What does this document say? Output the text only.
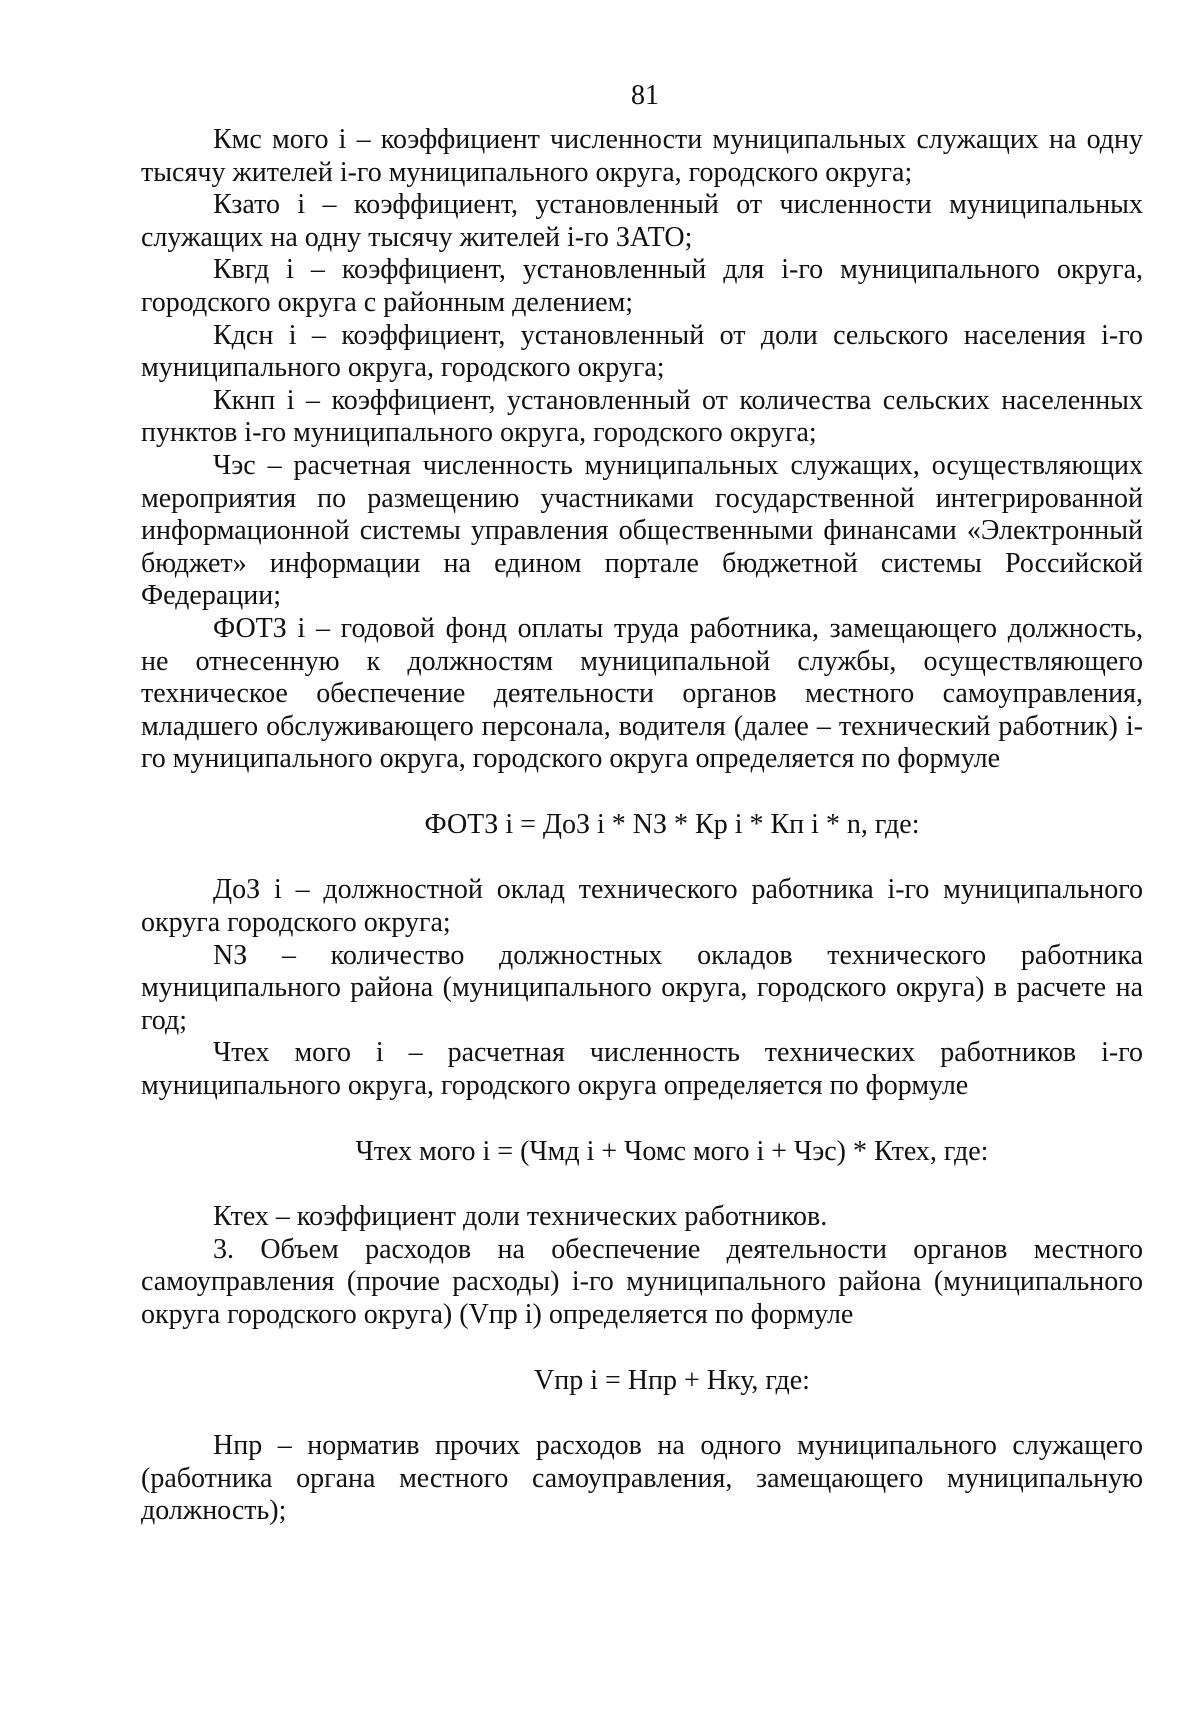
81

Кмс мого i – коэффициент численности муниципальных служащих на одну тысячу жителей i-го муниципального округа, городского округа;

Кзато i – коэффициент, установленный от численности муниципальных служащих на одну тысячу жителей i-го ЗАТО;

Квгд i – коэффициент, установленный для i-го муниципального округа, городского округа с районным делением;

Кдсн i – коэффициент, установленный от доли сельского населения i-го муниципального округа, городского округа;

Ккнп i – коэффициент, установленный от количества сельских населенных пунктов i-го муниципального округа, городского округа;

Чэс – расчетная численность муниципальных служащих, осуществляющих мероприятия по размещению участниками государственной интегрированной информационной системы управления общественными финансами «Электронный бюджет» информации на едином портале бюджетной системы Российской Федерации;

ФОТЗ i – годовой фонд оплаты труда работника, замещающего должность, не отнесенную к должностям муниципальной службы, осуществляющего техническое обеспечение деятельности органов местного самоуправления, младшего обслуживающего персонала, водителя (далее – технический работник) i-го муниципального округа, городского округа определяется по формуле

ФОТЗ i = ДоЗ i * NЗ * Кр i * Кп i * n, где:

ДоЗ i – должностной оклад технического работника i-го муниципального округа городского округа;

NЗ – количество должностных окладов технического работника муниципального района (муниципального округа, городского округа) в расчете на год;

Чтех мого i – расчетная численность технических работников i-го муниципального округа, городского округа определяется по формуле

Чтех мого i = (Чмд i + Чомс мого i + Чэс) * Ктех, где:

Ктех – коэффициент доли технических работников.

3. Объем расходов на обеспечение деятельности органов местного самоуправления (прочие расходы) i-го муниципального района (муниципального округа городского округа) (Vпр i) определяется по формуле

Vпр i = Нпр + Нку, где:

Нпр – норматив прочих расходов на одного муниципального служащего (работника органа местного самоуправления, замещающего муниципальную должность);
